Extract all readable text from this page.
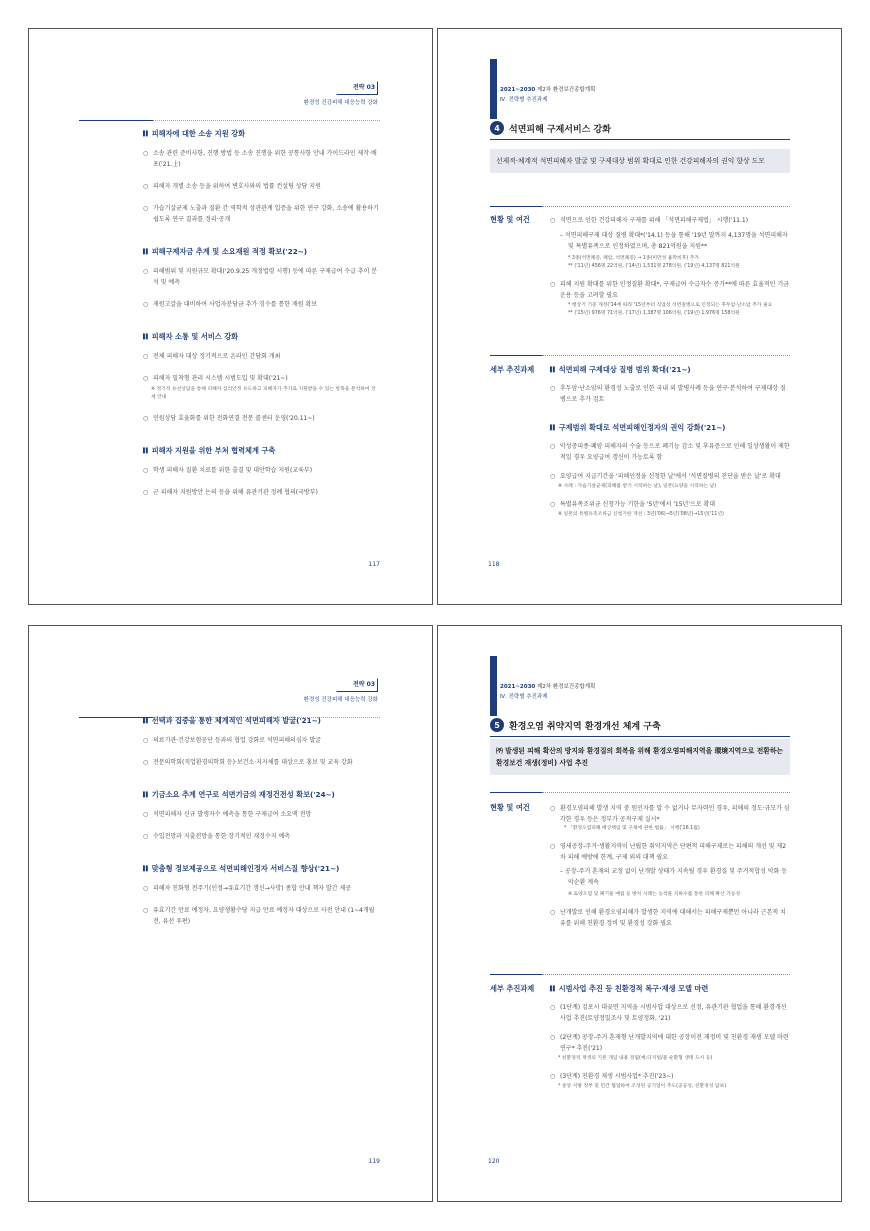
전략 03
환경성 건강피해 대응능력 강화
▌▌ 피해자에 대한 소송 지원 강화
○ 소송 관련 준비사항, 진행 방법 등 소송 진행을 위한 공통사항 안내 가이드라인 제작·배포('21.上)
○ 피해자 개별 소송 등을 위하여 변호사와의 법률 컨설팅 상담 지원
○ 가습기살균제 노출과 질환 간 역학적 상관관계 입증을 위한 연구 강화, 소송에 활용하기 쉽도록 연구 결과를 정리·공개
▌▌ 피해구제자금 추계 및 소요재원 적정 확보('22~)
○ 피해범위 및 지원규모 확대('20.9.25 개정법령 시행) 등에 따른 구제급여 수급 추이 분석 및 예측
○ 재원고갈을 대비하여 사업자분담금 추가 징수를 통한 재원 확보
▌▌ 피해자 소통 및 서비스 강화
○ 전체 피해자 대상 정기적으로 온라인 간담회 개최
○ 피해자 밀착형 관리 시스템 시범도입 및 확대('21~)
※ 정기적 유선상담을 통해 피해자 심리안정 유도하고 피해자가 추가로 지원받을 수 있는 항목을 분석하여 상세 안내
○ 민원상담 효율화를 위한 전화연결 전문 콜센터 운영('20.11~)
▌▌ 피해자 지원을 위한 부처 협력체계 구축
○ 학생 피해자 질환 치료를 위한 출결 및 대안학습 지원(교육부)
○ 군 피해자 지원방안 논의 등을 위해 유관기관 정례 협의(국방부)
117
2021~2030 제2차 환경보건종합계획
Ⅳ. 전략별 추진과제
4	석면피해 구제서비스 강화
선제적·체계적 석면피해자 발굴 및 구제대상 범위 확대로 인한 건강피해자의 권익 향상 도모
현황 및 여건	○ 석면으로 인한 건강피해자 구제를 위해 「석면피해구제법」 시행('11.1)
– 석면피해구제 대상 질병 확대*('14.1) 등을 통해 '19년 말까지 4,137명을 석면피해자 및 특별유족으로 인정하였으며, 총 821억원을 지원**
* 3종(석면폐증, 폐암, 석면폐증) → 1종(미만성 흉막비후) 추가
** ('11년) 456명 22억원, ('14년) 1,531명 278억원, ('19년) 4,137명 821억원
○ 피해 지원 확대를 위한 인정질환 확대*, 구제급여 수급자수 증가**에 따른 효율적인 기금 운용 등을 고려할 필요
* 행상기 기준 개정('14에 따라 '15년부터 직업성 석면질병으로 인정되는 후두암·난소암 추가 필요
** ('15년) 976명 71억원, ('17년) 1,387명 106억원, ('19년) 1,976명 158억원
세부 추진과제	▌▌ 석면피해 구제대상 질병 범위 확대('21~)
○ 후두암·난소암의 환경성 노출로 인한 국내 외 발병사례 등을 연구·분석하여 구제대상 질병으로 추가 검토
▌▌ 구제범위 확대로 석면피해인정자의 권익 강화('21~)
○ 악성중피종·폐암 피해자의 수술 등으로 폐기능 감소 및 후유증으로 인해 일상생활이 제한적일 경우 요양급여 갱신이 가능토록 함
○ 요양급여 지급기간을 '피해인정을 신청한 날'에서 '석면질병의 진단을 받은 날'로 확대
※ 사례 : 가습기살균제(피해를 받기 시작하는 날), 일본(요양을 시작하는 날)
○ 특별유족조위금 신청가능 기한을 '5년'에서 '15년'으로 확대
※ 일본의 특별유족조위금 신청기한 개선 : 3년('06)→5년('08년)→15년('11년)
118
전략 03
환경성 건강피해 대응능력 강화
▌▌ 선택과 집중을 통한 체계적인 석면피해자 발굴('21~)
○ 의료기관·건강보험공단 등과의 협업 강화로 석면피해의심자 발굴
○ 전문의학회(직업환경의학회 등)·보건소·지자체를 대상으로 홍보 및 교육 강화
▌▌ 기금소요 추계 연구로 석면기금의 재정건전성 확보('24~)
○ 석면피해자 신규 발생자수 예측을 통한 구제급여 소요액 전망
○ 수입전망과 지출전망을 통한 장기적인 재정수지 예측
▌▌ 맞춤형 정보제공으로 석면피해인정자 서비스질 향상('21~)
○ 피해자 친화형 전주기(인정→유효기간 갱신→사망) 종합 안내 책자 발간 제공
○ 유효기간 만료 예정자, 요양생활수당 지급 만료 예정자 대상으로 사전 안내 (1~4개월 전, 유선 우편)
119
2021~2030 제2차 환경보건종합계획
Ⅳ. 전략별 추진과제
5	환경오염 취약지역 환경개선 체계 구축
㈜ 발생된 피해 확산의 방지와 환경질의 회복을 위해 환경오염피해지역을 環境지역으로 전환하는 환경보건 재생(정비) 사업 추진
현황 및 여건	○ 환경오염피해 발생 지역 중 원인자를 알 수 없거나 무자력인 경우, 피해의 정도·규모가 심각한 경우 등은 정부가 공적구제 실시*
* 「환경오염피해 배상책임 및 구제에 관한 법률」 시행('16.1월)
○ 영세공장-주거·생활지역이 난립한 취약지역은 단편적 피해구제로는 피해의 개선 및 제2차 피해 예방에 한계, 구제 외의 대책 필요
– 공장-주거 혼재의 교정 없이 난개발 상태가 지속될 경우 환경질 및 주거적합성 악화 등 악순환 계속
※ 토양오염 및 폐기물 매립 등 방치 사례는 농작물 지하수를 통한 피해 확산 가능성
○ 난개발로 인해 환경오염피해가 발생한 지역에 대해서는 피해구제뿐만 아니라 근본적 치유를 위해 친환경 정비 및 환경성 강화 필요
세부 추진과제	▌▌ 시범사업 추진 등 친환경적 복구·재생 모델 마련
○ (1단계) 김포시 대곶면 지역을 시범사업 대상으로 선정, 유관기관 협업을 통해 환경개선사업 추진(토양정밀조사 및 토양정화, '21)
○ (2단계) 공장-주거 혼재형 난개발지역에 대한 공장이전 재정비 및 친환경 재생 모델 마련 연구* 추진('21)
* 친환경적 재생의 기본 개념 내용 정립(예:디지털/물 순환형 생태 도시 등)
○ (3단계) 친환경 재생 시범사업* 추진('23~)
* 중앙·지방 정부 및 민간 협업하여 조성된 공기업이 추도(공공성, 친환경성 담보)
120
